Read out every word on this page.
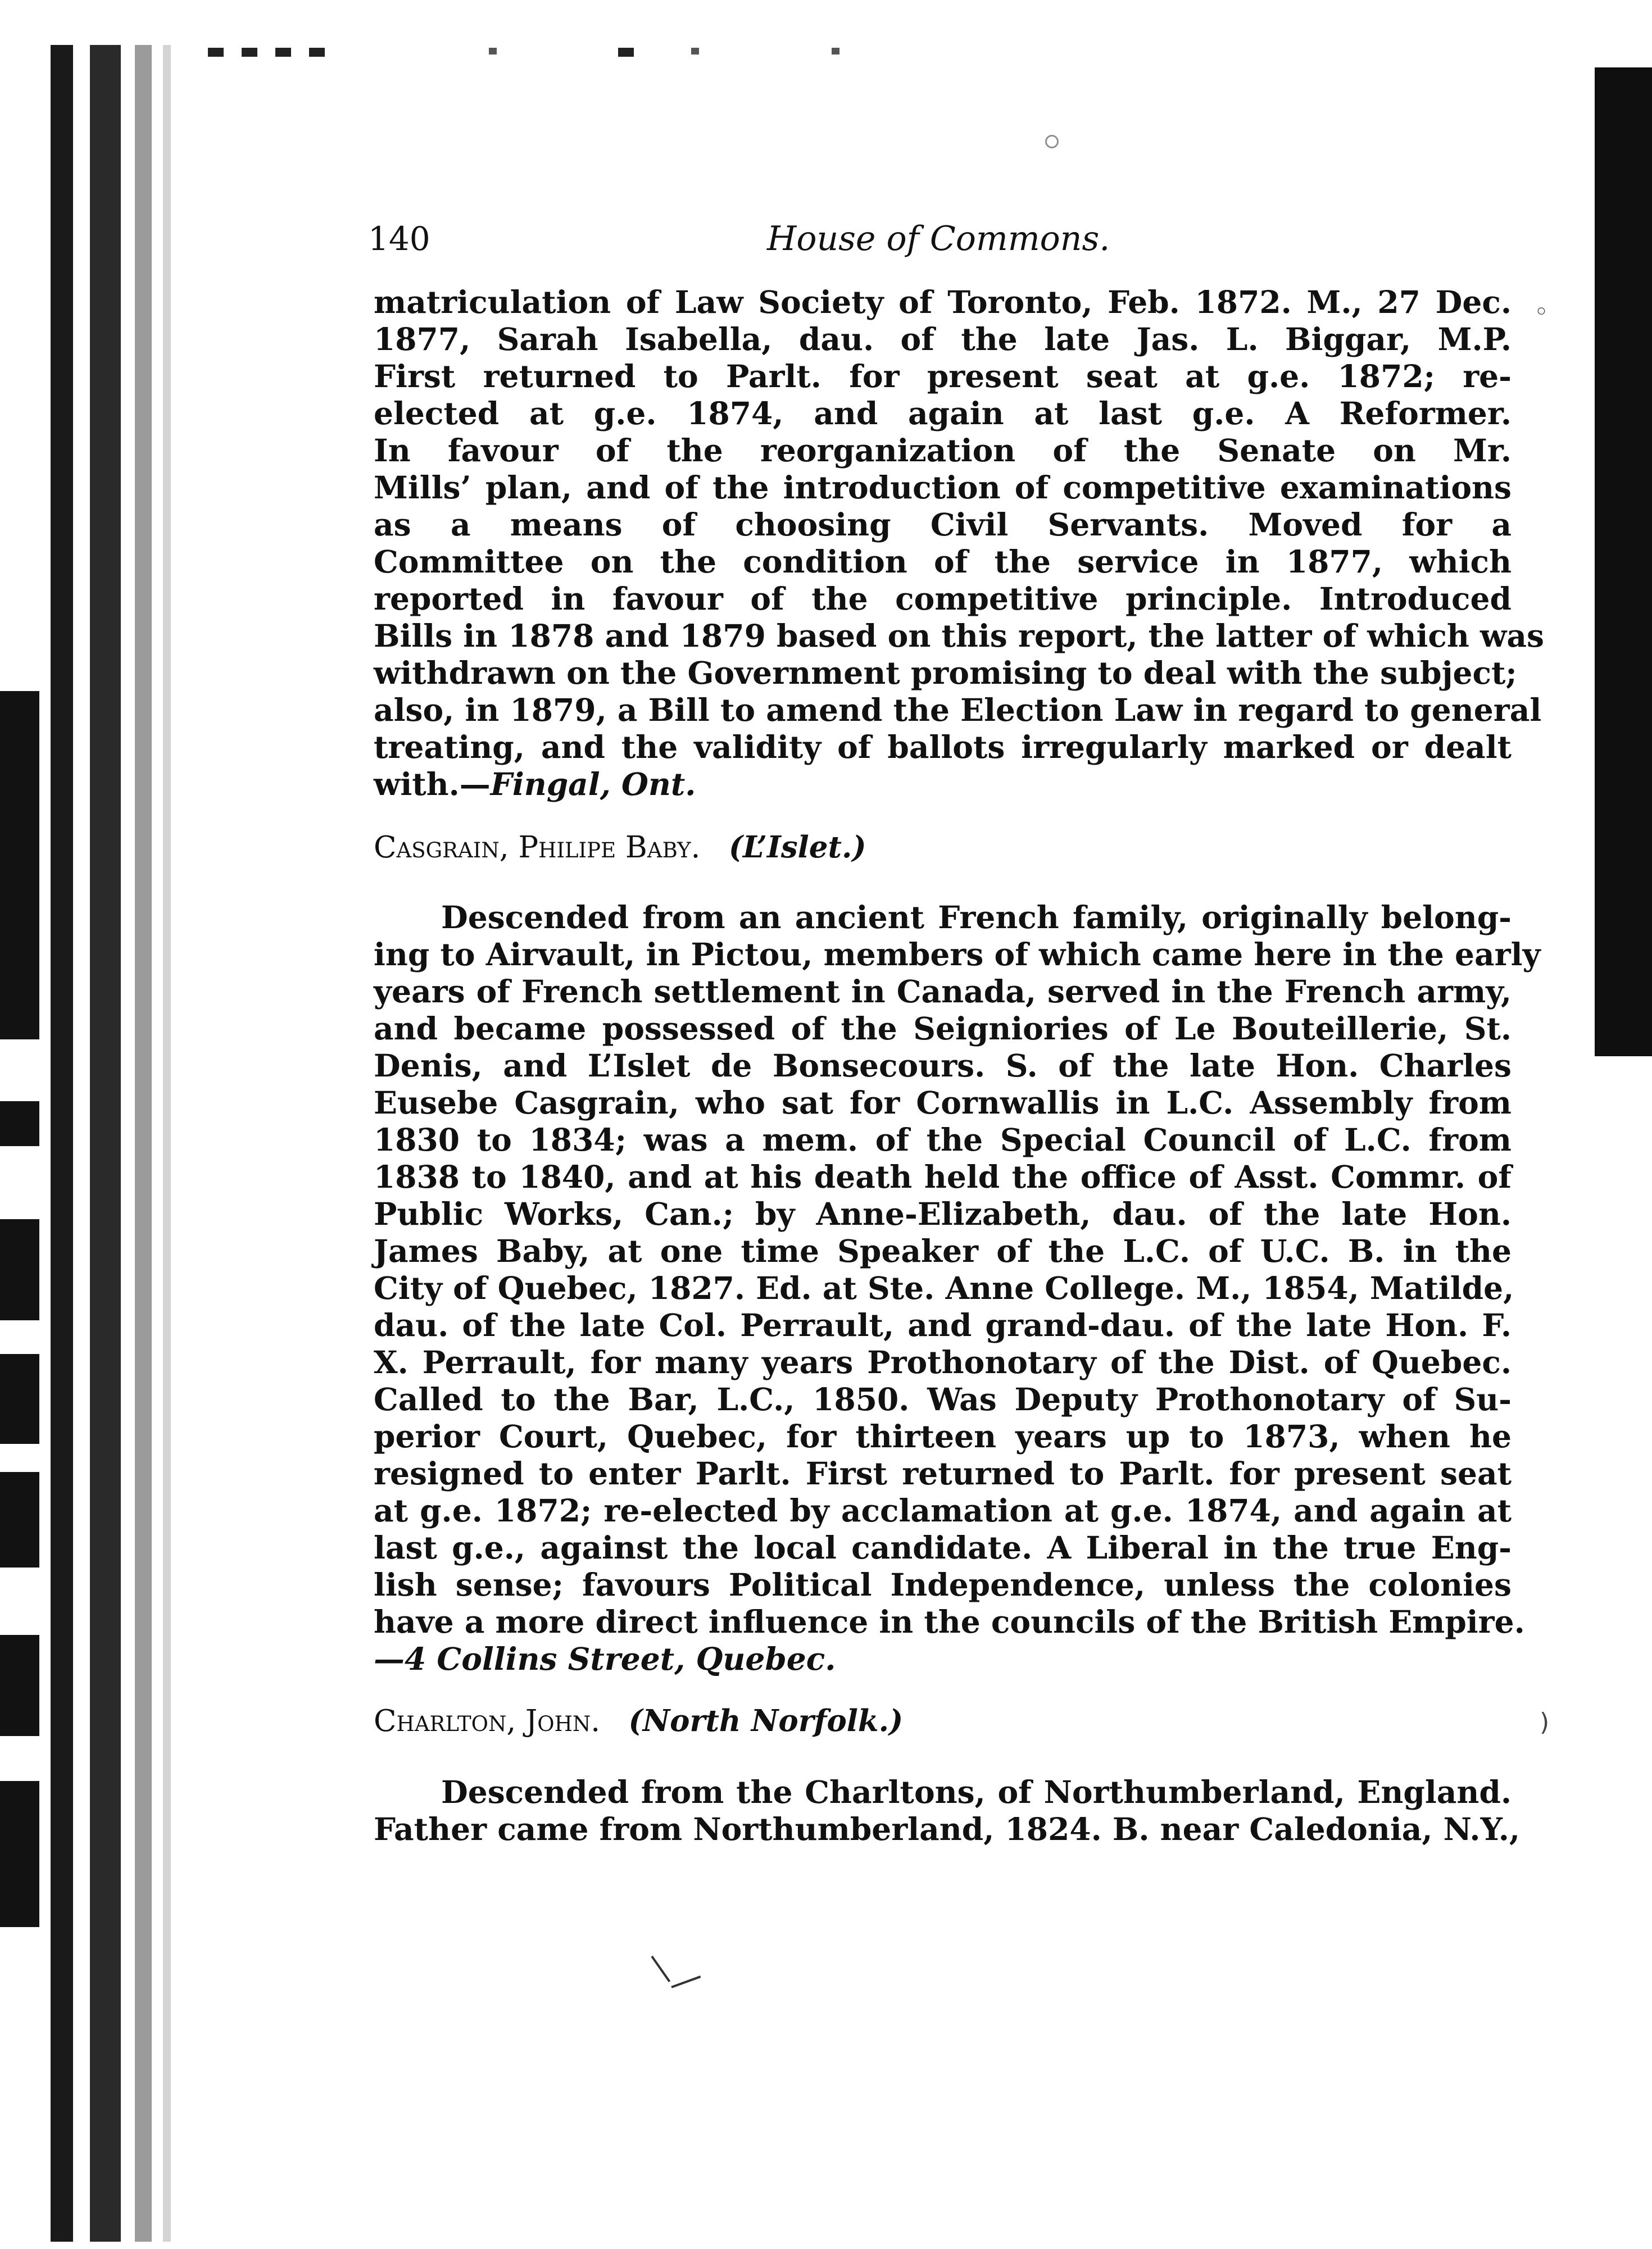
140	House of Commons.
matriculation of Law Society of Toronto, Feb. 1872. M., 27 Dec.
1877, Sarah Isabella, dau. of the late Jas. L. Biggar, M.P.
First returned to Parlt. for present seat at g.e. 1872; re-
elected at g.e. 1874, and again at last g.e. A Reformer.
In favour of the reorganization of the Senate on Mr.
Mills’ plan, and of the introduction of competitive examinations
as a means of choosing Civil Servants. Moved for a
Committee on the condition of the service in 1877, which
reported in favour of the competitive principle. Introduced
Bills in 1878 and 1879 based on this report, the latter of which was
withdrawn on the Government promising to deal with the subject;
also, in 1879, a Bill to amend the Election Law in regard to general
treating, and the validity of ballots irregularly marked or dealt
with.—Fingal, Ont.
Casgrain, Philipe Baby. (L’Islet.)
Descended from an ancient French family, originally belong-
ing to Airvault, in Pictou, members of which came here in the early
years of French settlement in Canada, served in the French army,
and became possessed of the Seigniories of Le Bouteillerie, St.
Denis, and L’Islet de Bonsecours. S. of the late Hon. Charles
Eusebe Casgrain, who sat for Cornwallis in L.C. Assembly from
1830 to 1834; was a mem. of the Special Council of L.C. from
1838 to 1840, and at his death held the office of Asst. Commr. of
Public Works, Can.; by Anne-Elizabeth, dau. of the late Hon.
James Baby, at one time Speaker of the L.C. of U.C. B. in the
City of Quebec, 1827. Ed. at Ste. Anne College. M., 1854, Matilde,
dau. of the late Col. Perrault, and grand-dau. of the late Hon. F.
X. Perrault, for many years Prothonotary of the Dist. of Quebec.
Called to the Bar, L.C., 1850. Was Deputy Prothonotary of Su-
perior Court, Quebec, for thirteen years up to 1873, when he
resigned to enter Parlt. First returned to Parlt. for present seat
at g.e. 1872; re-elected by acclamation at g.e. 1874, and again at
last g.e., against the local candidate. A Liberal in the true Eng-
lish sense; favours Political Independence, unless the colonies
have a more direct influence in the councils of the British Empire.
—4 Collins Street, Quebec.
Charlton, John. (North Norfolk.)
Descended from the Charltons, of Northumberland, England.
Father came from Northumberland, 1824. B. near Caledonia, N.Y.,
◦
)
